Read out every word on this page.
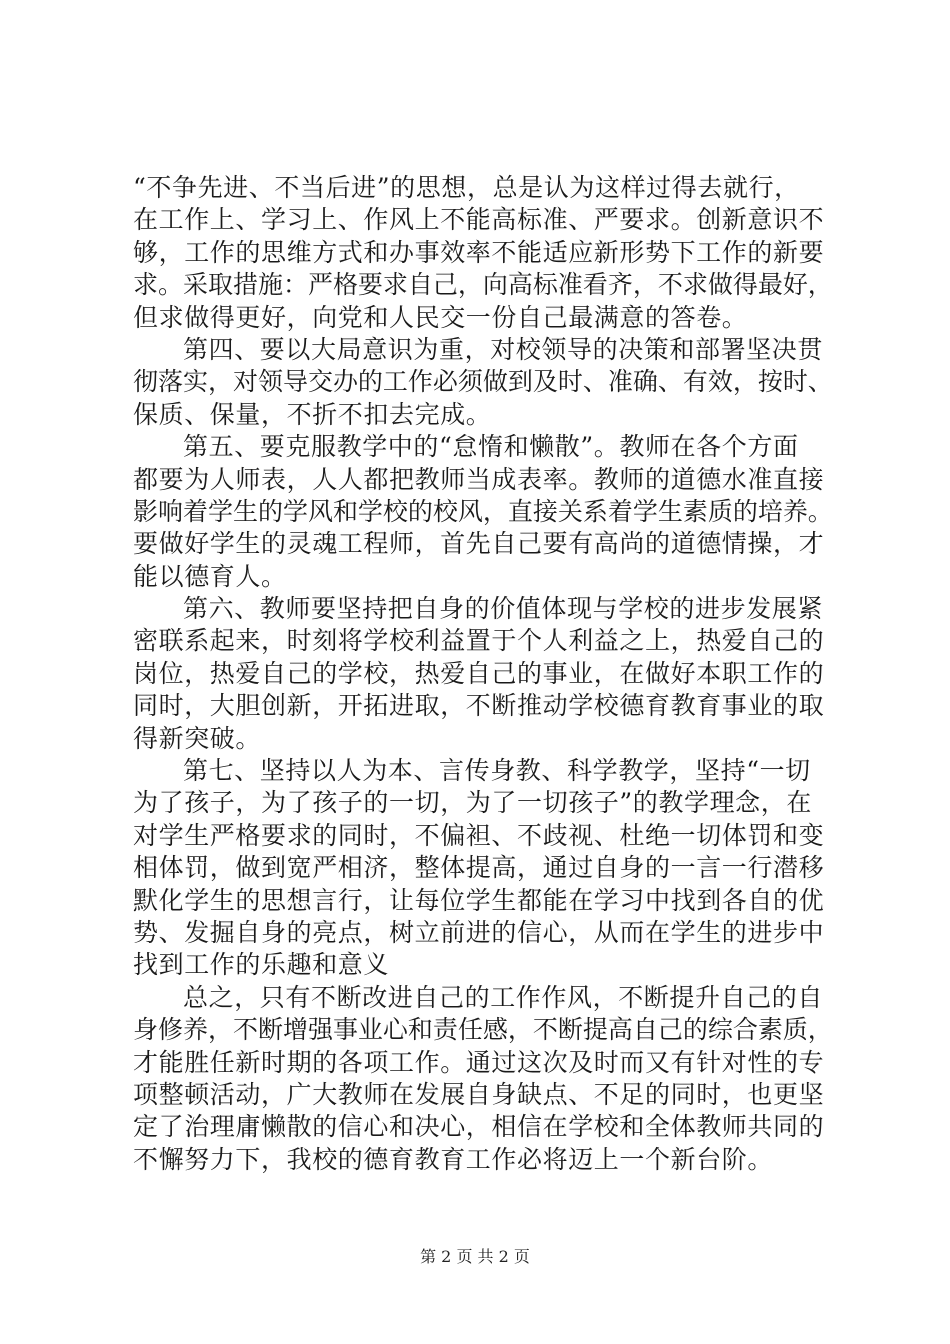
“不争先进、不当后进”的思想，总是认为这样过得去就行，
在工作上、学习上、作风上不能高标准、严要求。创新意识不
够，工作的思维方式和办事效率不能适应新形势下工作的新要
求。采取措施：严格要求自己，向高标准看齐，不求做得最好，
但求做得更好，向党和人民交一份自己最满意的答卷。
第四、要以大局意识为重，对校领导的决策和部署坚决贯
彻落实，对领导交办的工作必须做到及时、准确、有效，按时、
保质、保量，不折不扣去完成。
第五、要克服教学中的“怠惰和懒散”。教师在各个方面
都要为人师表，人人都把教师当成表率。教师的道德水准直接
影响着学生的学风和学校的校风，直接关系着学生素质的培养。
要做好学生的灵魂工程师，首先自己要有高尚的道德情操，才
能以德育人。
第六、教师要坚持把自身的价值体现与学校的进步发展紧
密联系起来，时刻将学校利益置于个人利益之上，热爱自己的
岗位，热爱自己的学校，热爱自己的事业，在做好本职工作的
同时，大胆创新，开拓进取，不断推动学校德育教育事业的取
得新突破。
第七、坚持以人为本、言传身教、科学教学，坚持“一切
为了孩子，为了孩子的一切，为了一切孩子”的教学理念，在
对学生严格要求的同时，不偏袒、不歧视、杜绝一切体罚和变
相体罚，做到宽严相济，整体提高，通过自身的一言一行潜移
默化学生的思想言行，让每位学生都能在学习中找到各自的优
势、发掘自身的亮点，树立前进的信心，从而在学生的进步中
找到工作的乐趣和意义
总之，只有不断改进自己的工作作风，不断提升自己的自
身修养，不断增强事业心和责任感，不断提高自己的综合素质，
才能胜任新时期的各项工作。通过这次及时而又有针对性的专
项整顿活动，广大教师在发展自身缺点、不足的同时，也更坚
定了治理庸懒散的信心和决心，相信在学校和全体教师共同的
不懈努力下，我校的德育教育工作必将迈上一个新台阶。
第 2 页 共 2 页
